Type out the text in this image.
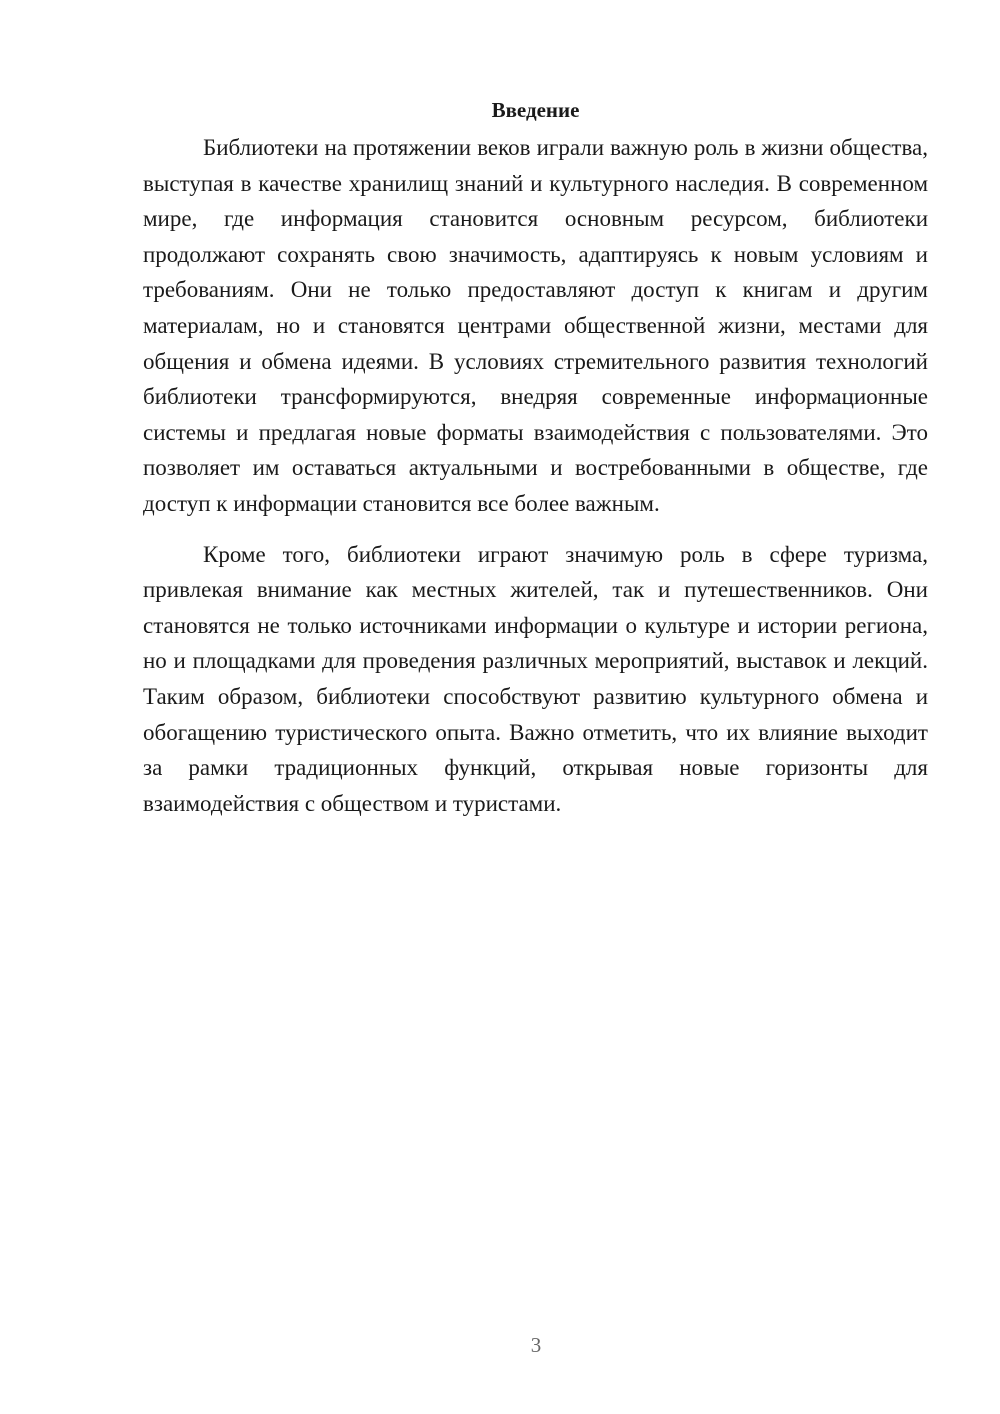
Введение

Библиотеки на протяжении веков играли важную роль в жизни общества, выступая в качестве хранилищ знаний и культурного наследия. В современном мире, где информация становится основным ресурсом, библиотеки продолжают сохранять свою значимость, адаптируясь к новым условиям и требованиям. Они не только предоставляют доступ к книгам и другим материалам, но и становятся центрами общественной жизни, местами для общения и обмена идеями. В условиях стремительного развития технологий библиотеки трансформируются, внедряя современные информационные системы и предлагая новые форматы взаимодействия с пользователями. Это позволяет им оставаться актуальными и востребованными в обществе, где доступ к информации становится все более важным.

Кроме того, библиотеки играют значимую роль в сфере туризма, привлекая внимание как местных жителей, так и путешественников. Они становятся не только источниками информации о культуре и истории региона, но и площадками для проведения различных мероприятий, выставок и лекций. Таким образом, библиотеки способствуют развитию культурного обмена и обогащению туристического опыта. Важно отметить, что их влияние выходит за рамки традиционных функций, открывая новые горизонты для взаимодействия с обществом и туристами.

3
